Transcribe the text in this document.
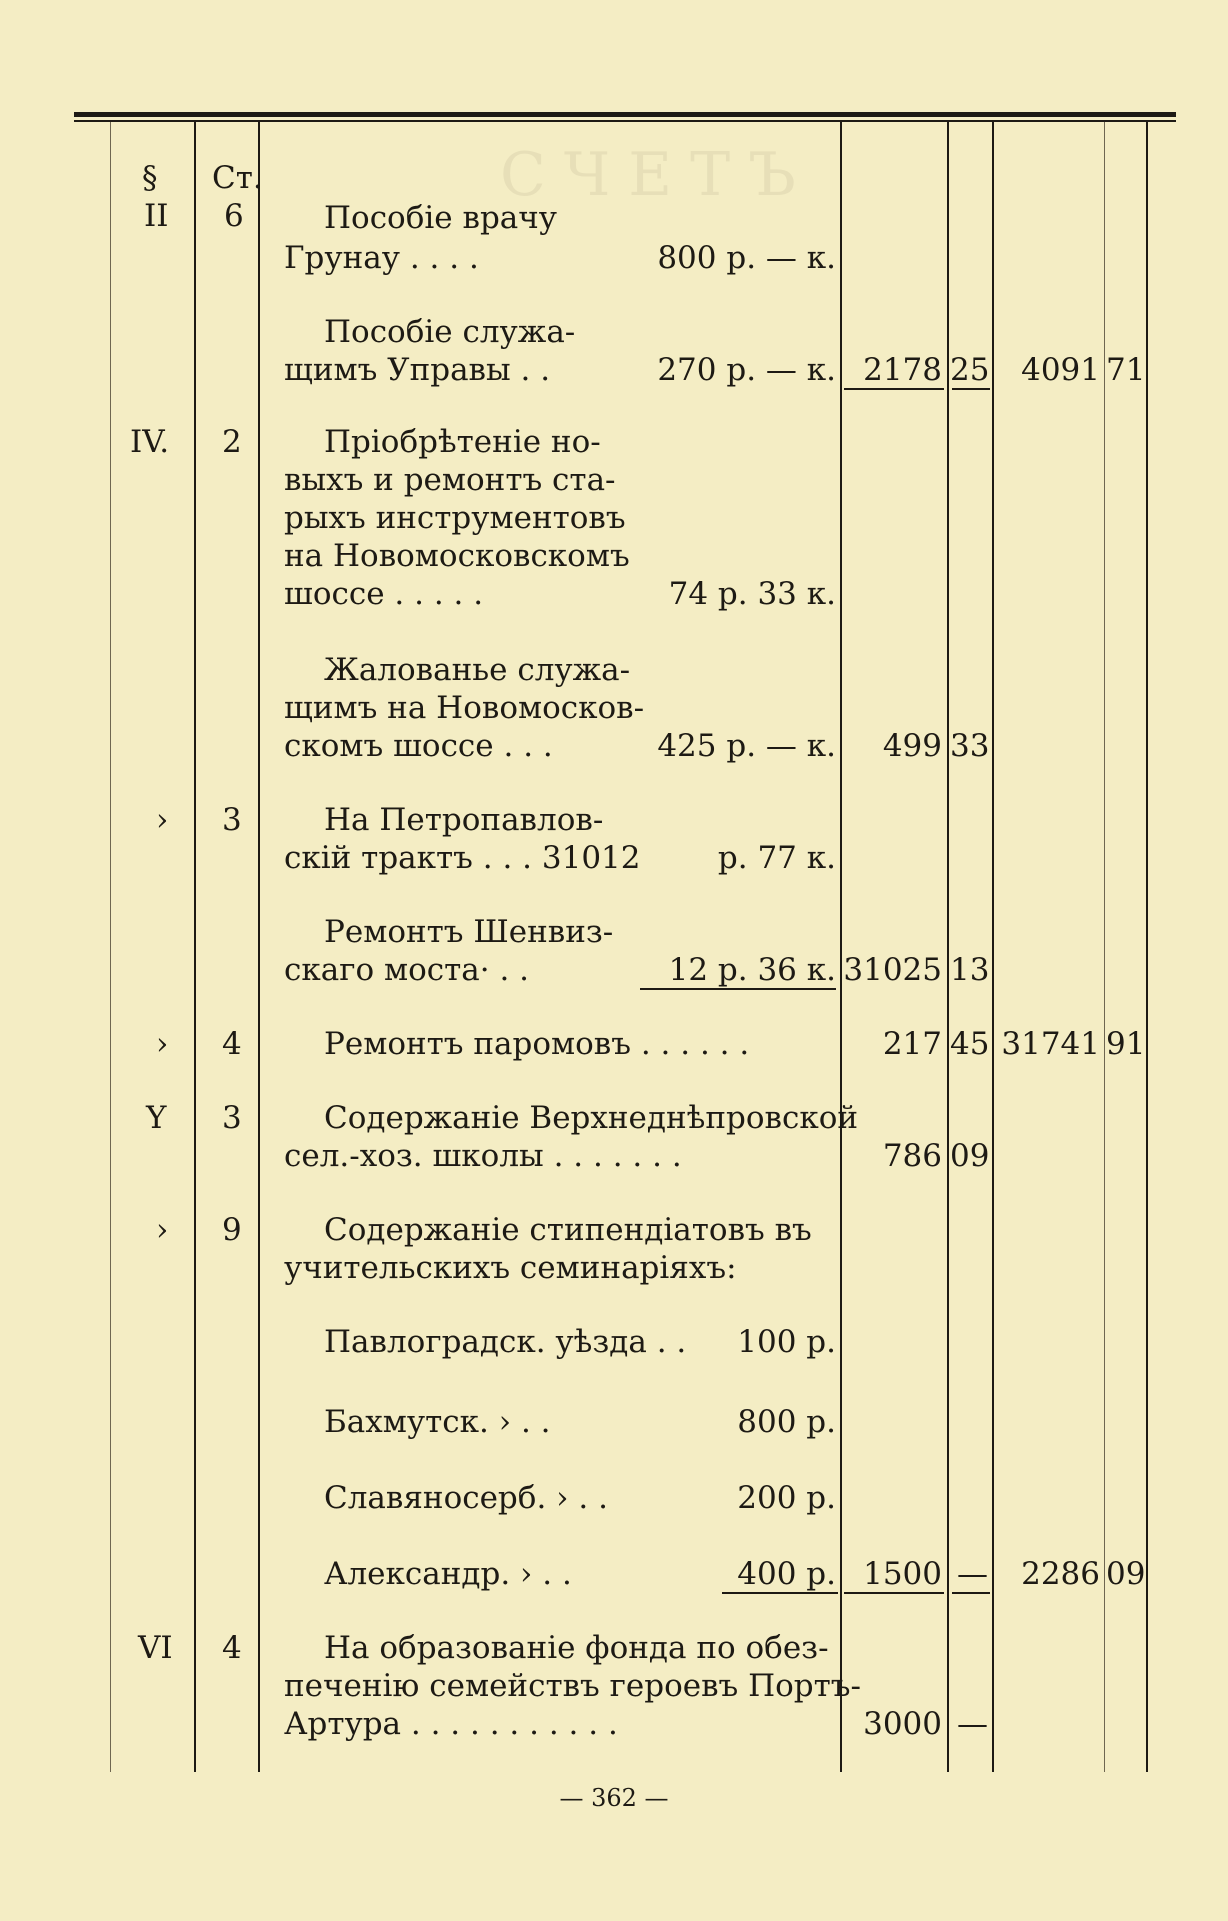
СЧЕТЪ
§ Ст.
II 6	Пособіе врачу
Грунау . . . .	800 р. — к.
Пособіе служа-
щимъ Управы . .	270 р. — к. 2178 25	4091 71
IV. 2	Пріобрѣтеніе но-
выхъ и ремонтъ ста-
рыхъ инструментовъ
на Новомосковскомъ
шоссе . . . . .	74 р. 33 к.
Жалованье служа-
щимъ на Новомосков-
скомъ шоссе . . .	425 р. — к.	499 33
› 3	На Петропавлов-
скій трактъ . . . 31012	р. 77 к.
Ремонтъ Шенвиз-
скаго моста· . .	12 р. 36 к. 31025 13
› 4	Ремонтъ паромовъ . . . . . .	217 45 31741 91
Y 3	Содержаніе Верхнеднѣпровской
сел.-хоз. школы . . . . . . .	786 09
› 9	Содержаніе стипендіатовъ въ
учительскихъ семинаріяхъ:
Павлоградск. уѣзда . .	100 р.
Бахмутск. › . .	800 р.
Славяносерб. › . .	200 р.
Александр. › . .	400 р. 1500 —	2286 09
VI 4	На образованіе фонда по обез-
печенію семействъ героевъ Портъ-
Артура . . . . . . . . . . .	3000 —
— 362 —
